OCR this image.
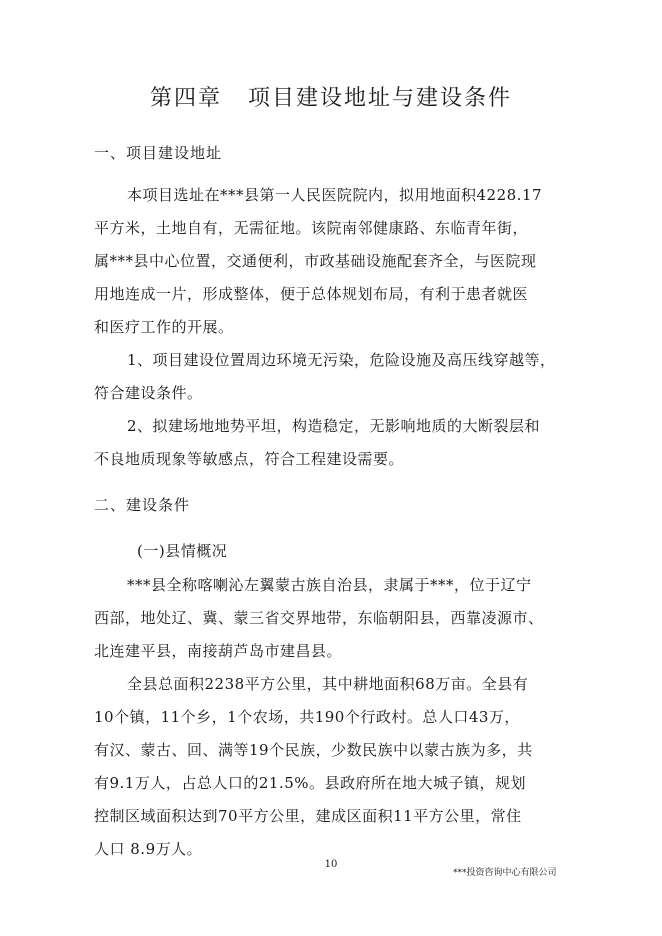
第四章 项目建设地址与建设条件
一、项目建设地址
本项目选址在***县第一人民医院院内，拟用地面积4228.17
平方米，土地自有，无需征地。该院南邻健康路、东临青年街，
属***县中心位置，交通便利，市政基础设施配套齐全，与医院现
用地连成一片，形成整体，便于总体规划布局，有利于患者就医
和医疗工作的开展。
1、项目建设位置周边环境无污染，危险设施及高压线穿越等，
符合建设条件。
2、拟建场地地势平坦，构造稳定，无影响地质的大断裂层和
不良地质现象等敏感点，符合工程建设需要。
二、建设条件
(一)县情概况
***县全称喀喇沁左翼蒙古族自治县，隶属于***，位于辽宁
西部，地处辽、冀、蒙三省交界地带，东临朝阳县，西靠凌源市、
北连建平县，南接葫芦岛市建昌县。
全县总面积2238平方公里，其中耕地面积68万亩。全县有
10个镇，11个乡，1个农场，共190个行政村。总人口43万，
有汉、蒙古、回、满等19个民族，少数民族中以蒙古族为多，共
有9.1万人，占总人口的21.5%。县政府所在地大城子镇，规划
控制区域面积达到70平方公里，建成区面积11平方公里，常住
人口 8.9万人。
10
***投资咨询中心有限公司
